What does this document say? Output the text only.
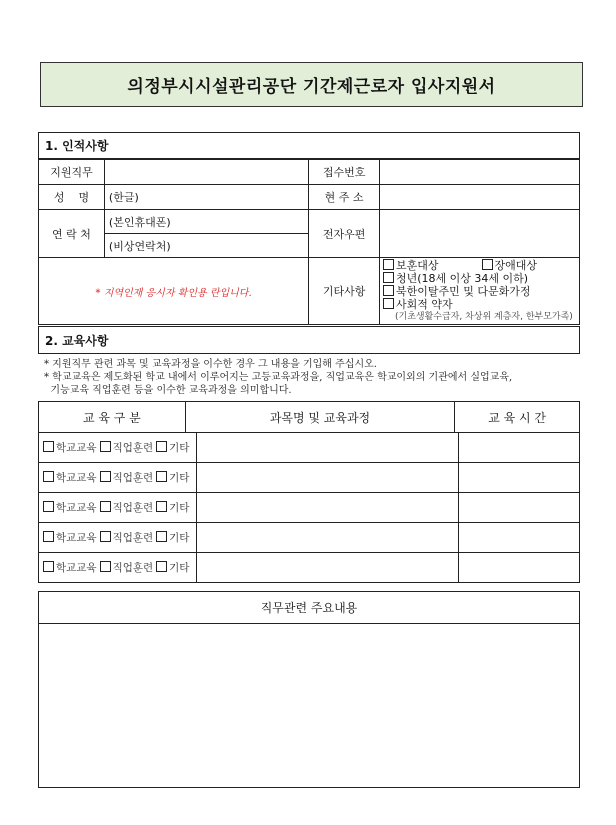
의정부시시설관리공단 기간제근로자 입사지원서
1. 인적사항
지원직무		접수번호	
성    명	(한글)	현 주 소	
연 락 처	(본인휴대폰)	전자우편	
	(비상연락처)		
* 지역인재 응시자 확인용 란입니다.		기타사항	보훈대상 장애대상
청년(18세 이상 34세 이하)
북한이탈주민 및 다문화가정
사회적 약자
(기초생활수급자, 차상위 계층자, 한부모가족)
2. 교육사항
* 지원직무 관련 과목 및 교육과정을 이수한 경우 그 내용을 기입해 주십시오.
* 학교교육은 제도화된 학교 내에서 이루어지는 고등교육과정을, 직업교육은 학교이외의 기관에서 실업교육,
기능교육 직업훈련 등을 이수한 교육과정을 의미합니다.
교 육 구 분	과목명 및 교육과정	교 육 시 간
학교교육 직업훈련 기타		
학교교육 직업훈련 기타		
학교교육 직업훈련 기타		
학교교육 직업훈련 기타		
학교교육 직업훈련 기타		
직무관련 주요내용
